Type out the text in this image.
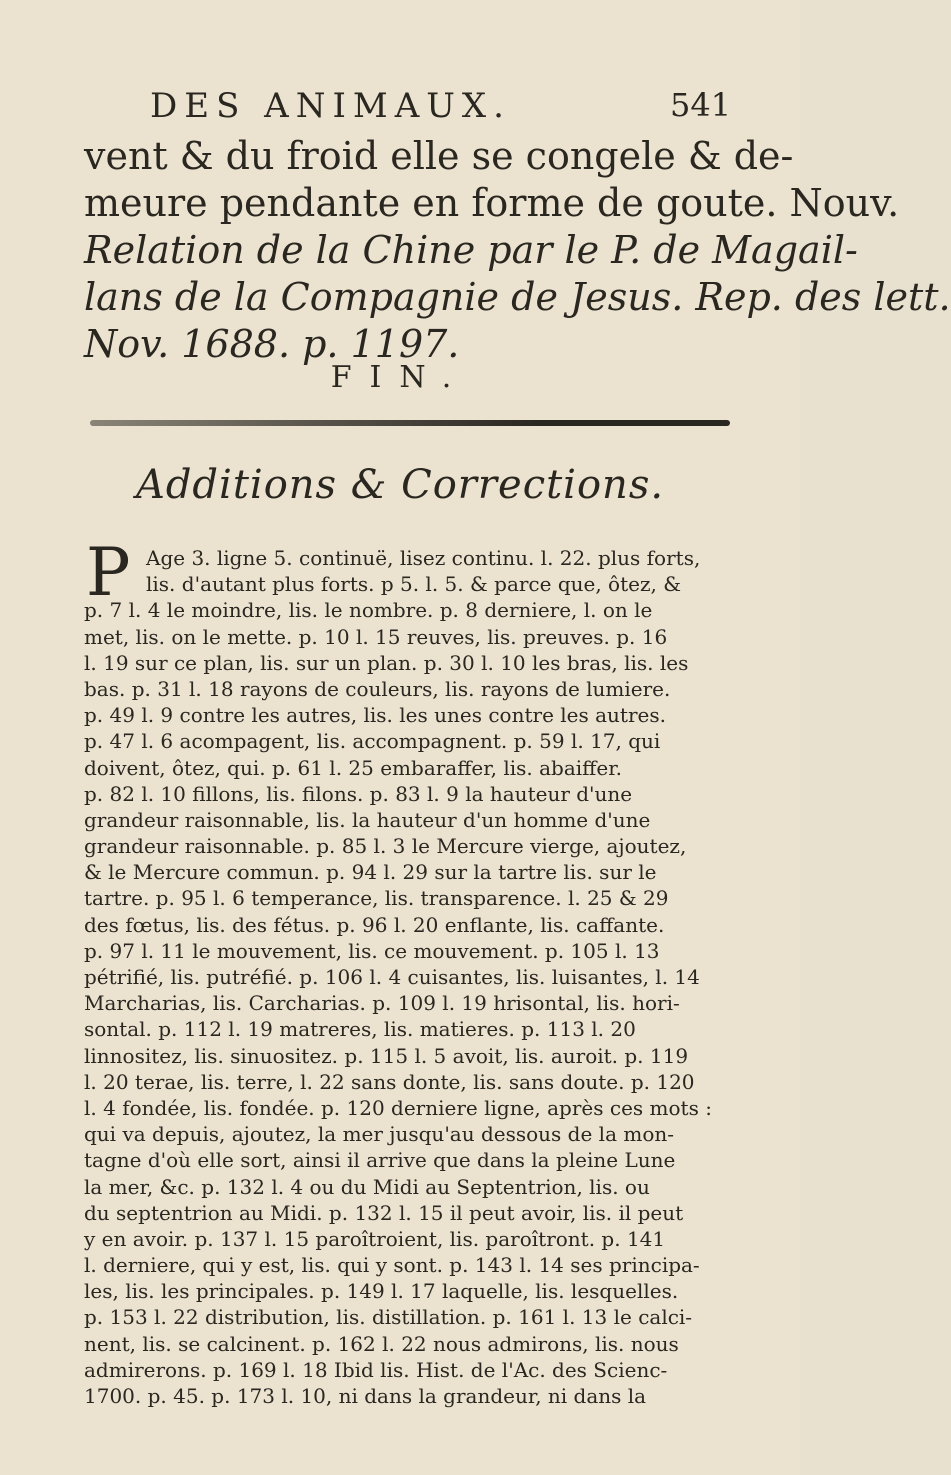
DES ANIMAUX.	541
vent & du froid elle se congele & de-
meure pendante en forme de goute. Nouv.
Relation de la Chine par le P. de Magail-
lans de la Compagnie de Jesus. Rep. des lett.
Nov. 1688. p. 1197.
FIN.
Additions & Corrections.
P Age 3. ligne 5. continuë, lisez continu. l. 22. plus forts,
lis. d'autant plus forts. p 5. l. 5. & parce que, ôtez, &
p. 7 l. 4 le moindre, lis. le nombre. p. 8 derniere, l. on le
met, lis. on le mette. p. 10 l. 15 reuves, lis. preuves. p. 16
l. 19 sur ce plan, lis. sur un plan. p. 30 l. 10 les bras, lis. les
bas. p. 31 l. 18 rayons de couleurs, lis. rayons de lumiere.
p. 49 l. 9 contre les autres, lis. les unes contre les autres.
p. 47 l. 6 acompagent, lis. accompagnent. p. 59 l. 17, qui
doivent, ôtez, qui. p. 61 l. 25 embaraffer, lis. abaiffer.
p. 82 l. 10 fillons, lis. filons. p. 83 l. 9 la hauteur d'une
grandeur raisonnable, lis. la hauteur d'un homme d'une
grandeur raisonnable. p. 85 l. 3 le Mercure vierge, ajoutez,
& le Mercure commun. p. 94 l. 29 sur la tartre lis. sur le
tartre. p. 95 l. 6 temperance, lis. transparence. l. 25 & 29
des fœtus, lis. des fétus. p. 96 l. 20 enflante, lis. caffante.
p. 97 l. 11 le mouvement, lis. ce mouvement. p. 105 l. 13
pétrifié, lis. putréfié. p. 106 l. 4 cuisantes, lis. luisantes, l. 14
Marcharias, lis. Carcharias. p. 109 l. 19 hrisontal, lis. hori-
sontal. p. 112 l. 19 matreres, lis. matieres. p. 113 l. 20
linnositez, lis. sinuositez. p. 115 l. 5 avoit, lis. auroit. p. 119
l. 20 terae, lis. terre, l. 22 sans donte, lis. sans doute. p. 120
l. 4 fondée, lis. fondée. p. 120 derniere ligne, après ces mots :
qui va depuis, ajoutez, la mer jusqu'au dessous de la mon-
tagne d'où elle sort, ainsi il arrive que dans la pleine Lune
la mer, &c. p. 132 l. 4 ou du Midi au Septentrion, lis. ou
du septentrion au Midi. p. 132 l. 15 il peut avoir, lis. il peut
y en avoir. p. 137 l. 15 paroîtroient, lis. paroîtront. p. 141
l. derniere, qui y est, lis. qui y sont. p. 143 l. 14 ses principa-
les, lis. les principales. p. 149 l. 17 laquelle, lis. lesquelles.
p. 153 l. 22 distribution, lis. distillation. p. 161 l. 13 le calci-
nent, lis. se calcinent. p. 162 l. 22 nous admirons, lis. nous
admirerons. p. 169 l. 18 Ibid lis. Hist. de l'Ac. des Scienc-
1700. p. 45. p. 173 l. 10, ni dans la grandeur, ni dans la
